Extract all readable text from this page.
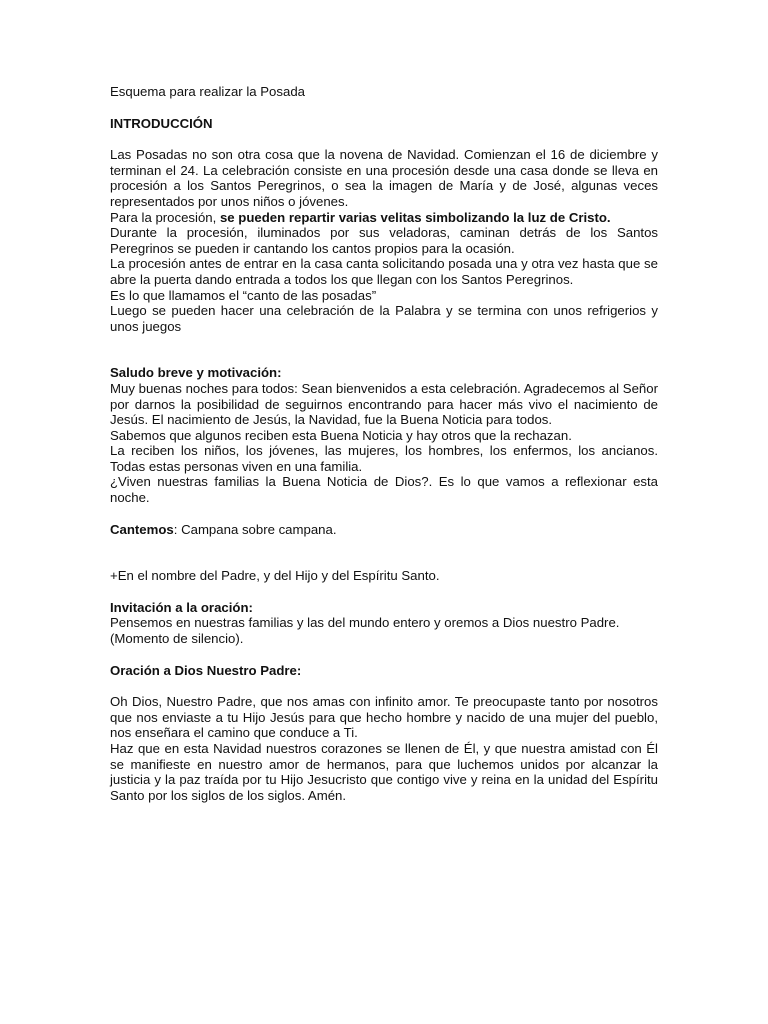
Esquema para realizar la Posada

INTRODUCCIÓN

Las Posadas no son otra cosa que la novena de Navidad. Comienzan el 16 de diciembre y terminan el 24. La celebración consiste en una procesión desde una casa donde se lleva en procesión a los Santos Peregrinos, o sea la imagen de María y de José, algunas veces representados por unos niños o jóvenes.

Para la procesión, se pueden repartir varias velitas simbolizando la luz de Cristo.

Durante la procesión, iluminados por sus veladoras, caminan detrás de los Santos Peregrinos se pueden ir cantando los cantos propios para la ocasión.

La procesión antes de entrar en la casa canta solicitando posada una y otra vez hasta que se abre la puerta dando entrada a todos los que llegan con los Santos Peregrinos.

Es lo que llamamos el “canto de las posadas”

Luego se pueden hacer una celebración de la Palabra y se termina con unos refrigerios y unos juegos

Saludo breve y motivación:

Muy buenas noches para todos: Sean bienvenidos a esta celebración. Agradecemos al Señor por darnos la posibilidad de seguirnos encontrando para hacer más vivo el nacimiento de Jesús. El nacimiento de Jesús, la Navidad, fue la Buena Noticia para todos.

Sabemos que algunos reciben esta Buena Noticia y hay otros que la rechazan.

La reciben los niños, los jóvenes, las mujeres, los hombres, los enfermos, los ancianos. Todas estas personas viven en una familia.

¿Viven nuestras familias la Buena Noticia de Dios?. Es lo que vamos a reflexionar esta noche.

Cantemos: Campana sobre campana.

+En el nombre del Padre, y del Hijo y del Espíritu Santo.

Invitación a la oración:

Pensemos en nuestras familias y las del mundo entero y oremos a Dios nuestro Padre.

(Momento de silencio).

Oración a Dios Nuestro Padre:

Oh Dios, Nuestro Padre, que nos amas con infinito amor. Te preocupaste tanto por nosotros que nos enviaste a tu Hijo Jesús para que hecho hombre y nacido de una mujer del pueblo, nos enseñara el camino que conduce a Ti.

Haz que en esta Navidad nuestros corazones se llenen de Él, y que nuestra amistad con Él se manifieste en nuestro amor de hermanos, para que luchemos unidos por alcanzar la justicia y la paz traída por tu Hijo Jesucristo que contigo vive y reina en la unidad del Espíritu Santo por los siglos de los siglos. Amén.
